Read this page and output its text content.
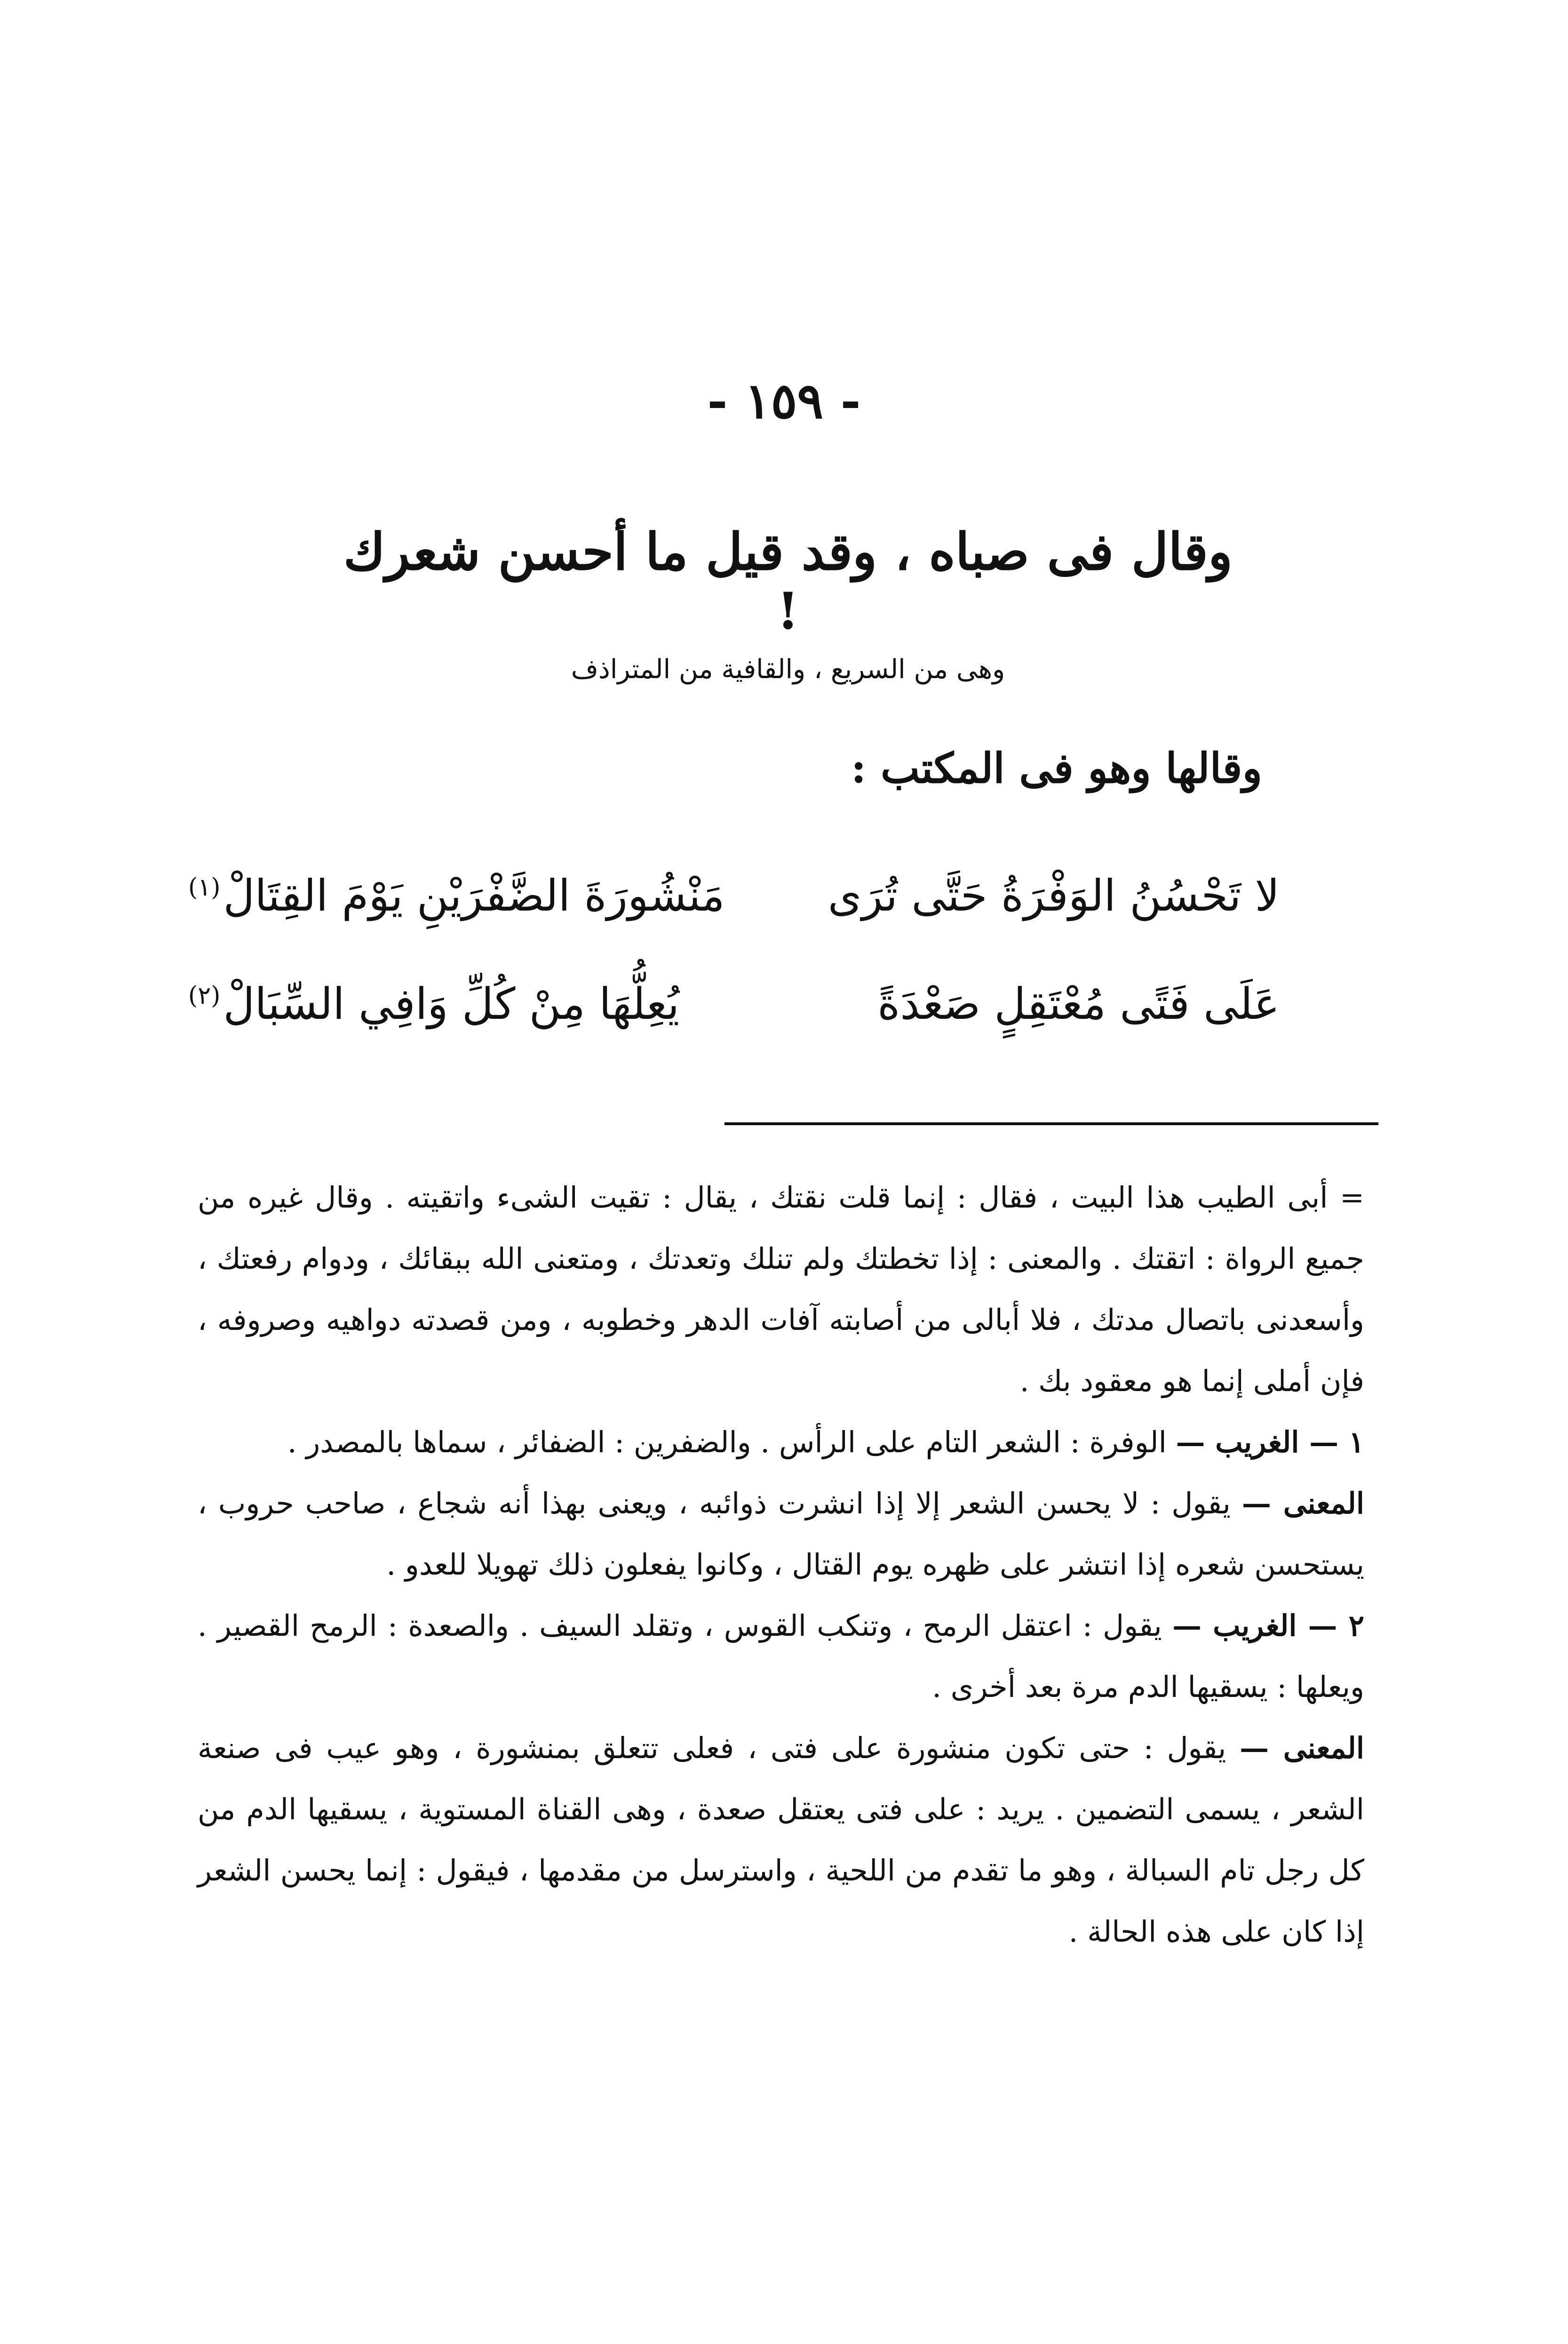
- ١٥٩ -
وقال فى صباه ، وقد قيل ما أحسن شعرك !
وهى من السريع ، والقافية من المتراذف
وقالها وهو فى المكتب :
لا تَحْسُنُ الوَفْرَةُ حَتَّى تُرَى
مَنْشُورَةَ الضَّفْرَيْنِ يَوْمَ القِتَالْ$^{(١)}$
عَلَى فَتًى مُعْتَقِلٍ صَعْدَةً
يُعِلُّهَا مِنْ كُلِّ وَافِي السِّبَالْ$^{(٢)}$

= أبى الطيب هذا البيت ، فقال : إنما قلت نقتك ، يقال : تقيت الشىء واتقيته . وقال غيره من جميع الرواة : اتقتك . والمعنى : إذا تخطتك ولم تنلك وتعدتك ، ومتعنى الله ببقائك ، ودوام رفعتك ، وأسعدنى باتصال مدتك ، فلا أبالى من أصابته آفات الدهر وخطوبه ، ومن قصدته دواهيه وصروفه ، فإن أملى إنما هو معقود بك .

١ — الغريب — الوفرة : الشعر التام على الرأس . والضفرين : الضفائر ، سماها بالمصدر .

المعنى — يقول : لا يحسن الشعر إلا إذا انشرت ذوائبه ، ويعنى بهذا أنه شجاع ، صاحب حروب ، يستحسن شعره إذا انتشر على ظهره يوم القتال ، وكانوا يفعلون ذلك تهويلا للعدو .

٢ — الغريب — يقول : اعتقل الرمح ، وتنكب القوس ، وتقلد السيف . والصعدة : الرمح القصير . ويعلها : يسقيها الدم مرة بعد أخرى .

المعنى — يقول : حتى تكون منشورة على فتى ، فعلى تتعلق بمنشورة ، وهو عيب فى صنعة الشعر ، يسمى التضمين . يريد : على فتى يعتقل صعدة ، وهى القناة المستوية ، يسقيها الدم من كل رجل تام السبالة ، وهو ما تقدم من اللحية ، واسترسل من مقدمها ، فيقول : إنما يحسن الشعر إذا كان على هذه الحالة .
